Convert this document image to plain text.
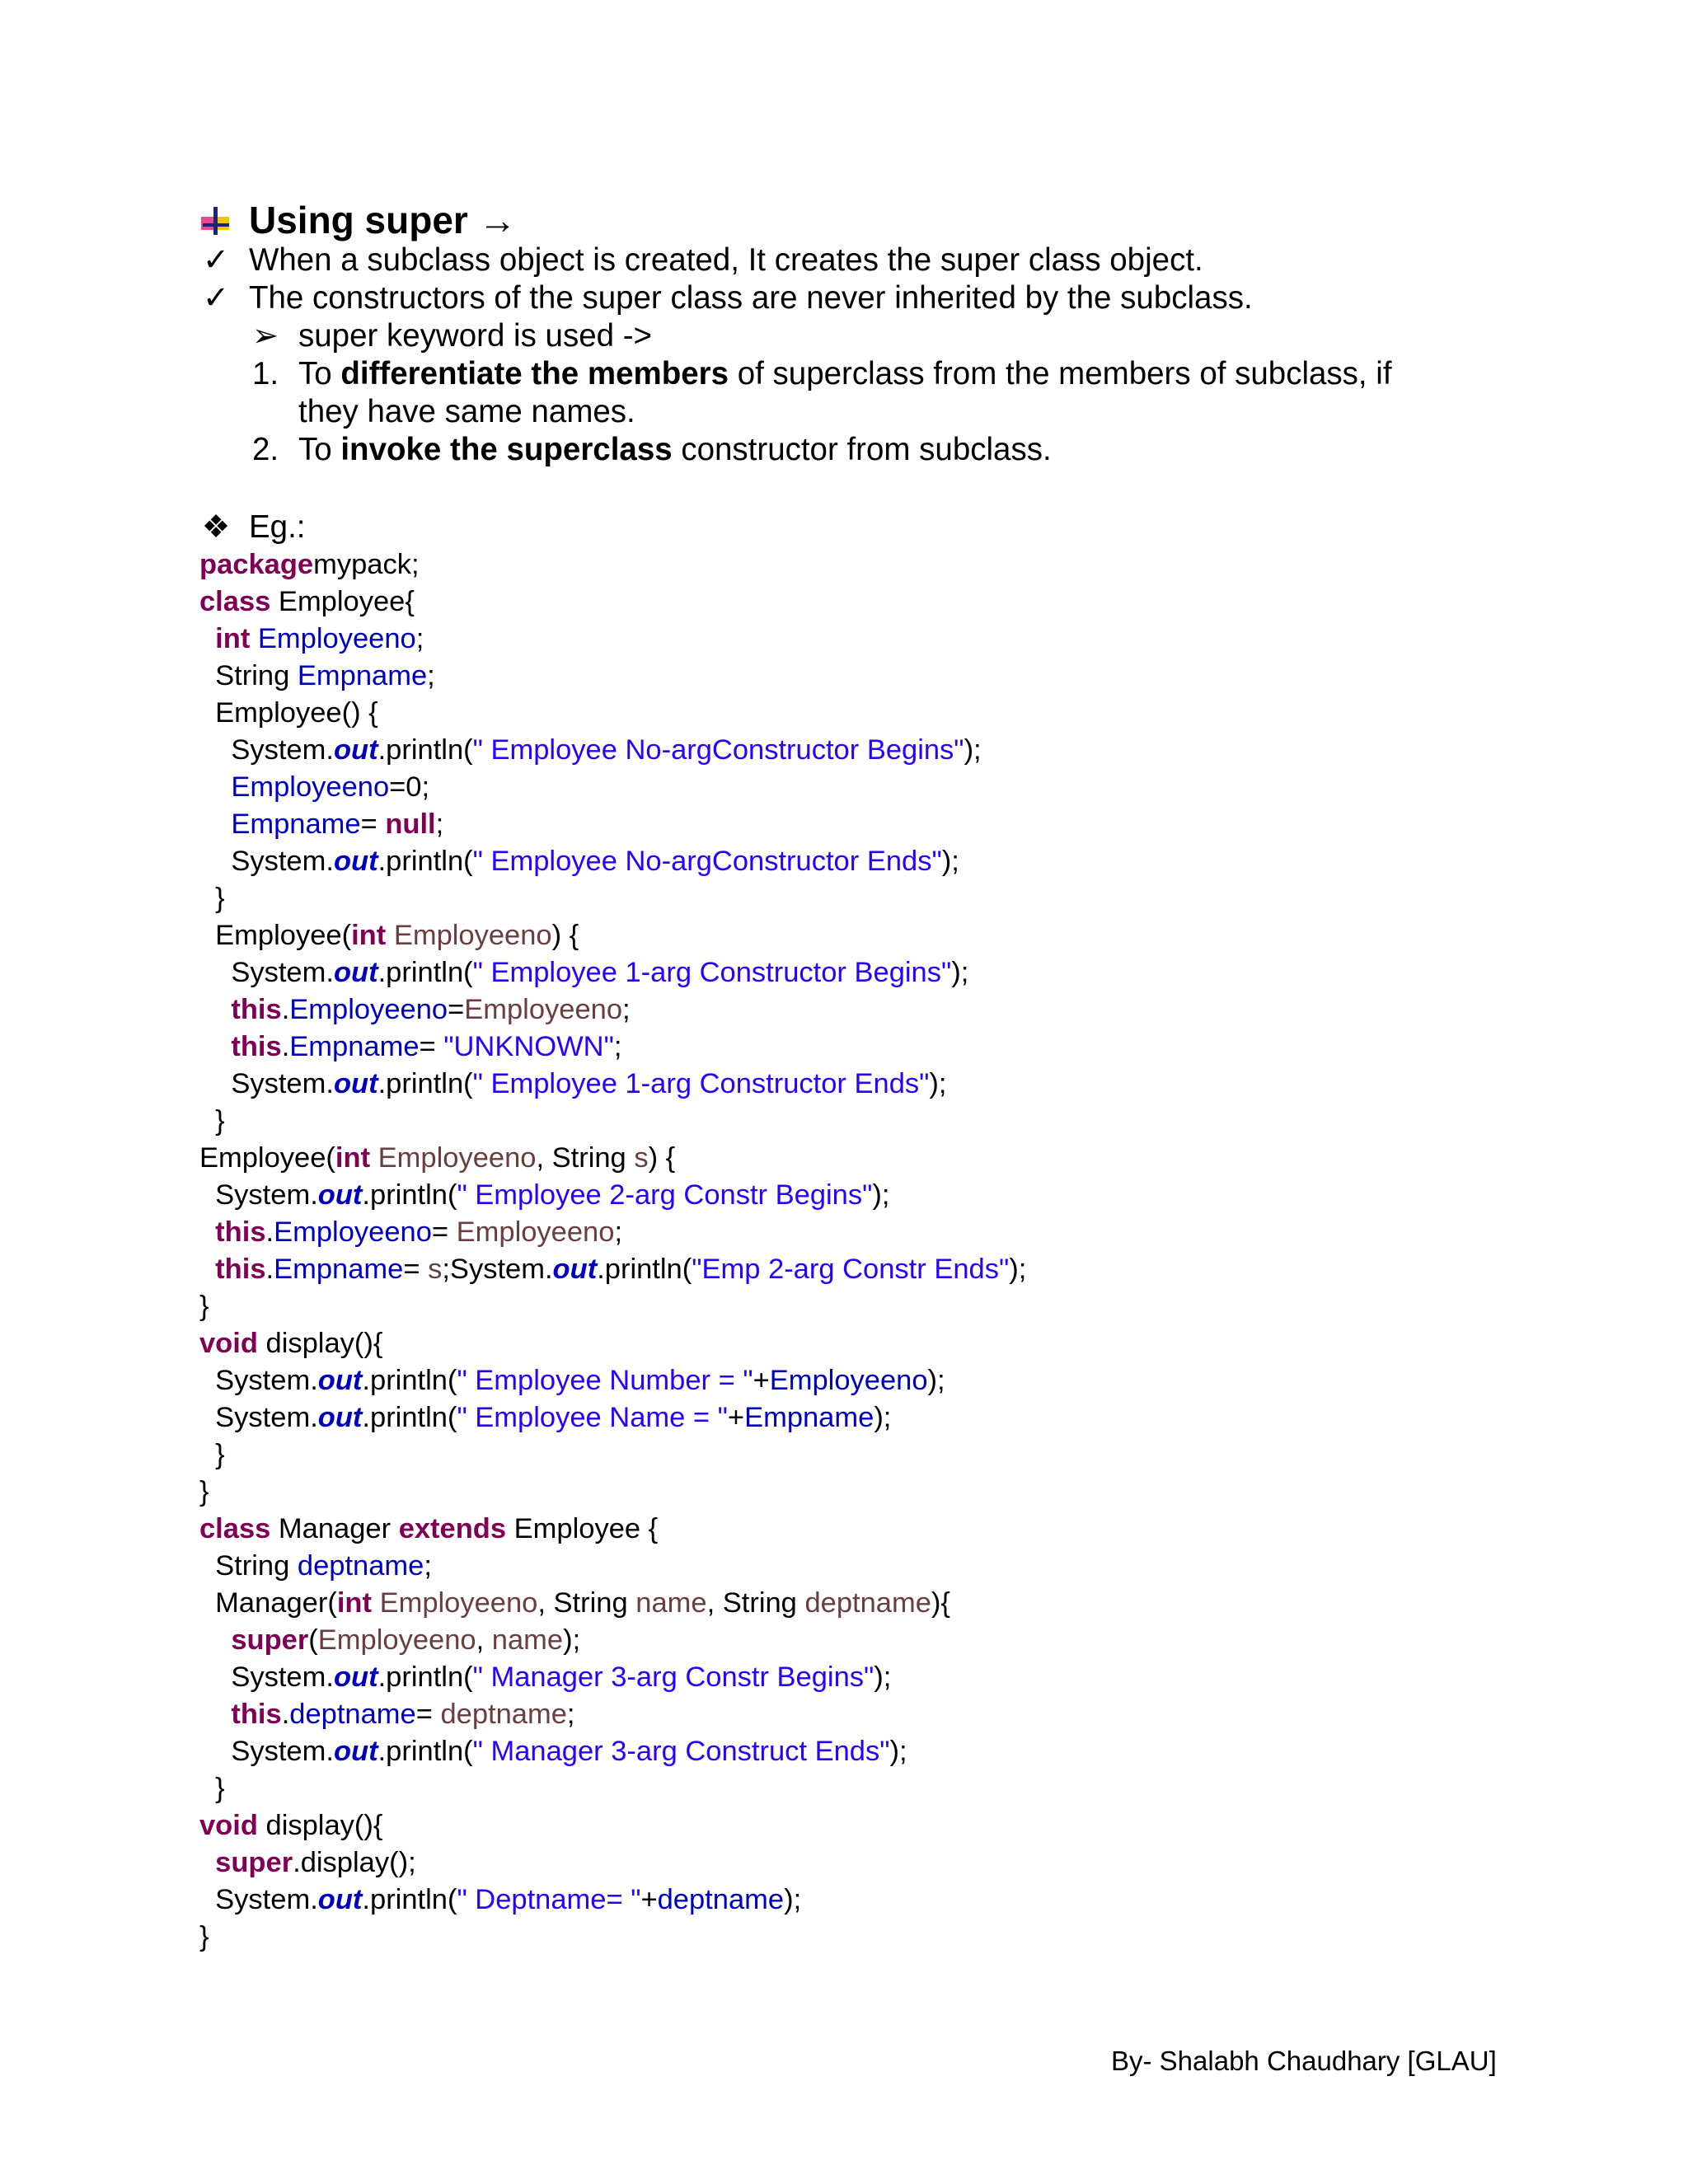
Using super →
✓ When a subclass object is created, It creates the super class object.
✓ The constructors of the super class are never inherited by the subclass.
➢ super keyword is used ->
1. To differentiate the members of superclass from the members of subclass, if
they have same names.
2. To invoke the superclass constructor from subclass.
❖ Eg.:
packagemypack;
class Employee{
int Employeeno;
String Empname;
Employee() {
System.out.println(" Employee No-argConstructor Begins");
Employeeno=0;
Empname= null;
System.out.println(" Employee No-argConstructor Ends");
}
Employee(int Employeeno) {
System.out.println(" Employee 1-arg Constructor Begins");
this.Employeeno=Employeeno;
this.Empname= "UNKNOWN";
System.out.println(" Employee 1-arg Constructor Ends");
}
Employee(int Employeeno, String s) {
System.out.println(" Employee 2-arg Constr Begins");
this.Employeeno= Employeeno;
this.Empname= s;System.out.println("Emp 2-arg Constr Ends");
}
void display(){
System.out.println(" Employee Number = "+Employeeno);
System.out.println(" Employee Name = "+Empname);
}
}
class Manager extends Employee {
String deptname;
Manager(int Employeeno, String name, String deptname){
super(Employeeno, name);
System.out.println(" Manager 3-arg Constr Begins");
this.deptname= deptname;
System.out.println(" Manager 3-arg Construct Ends");
}
void display(){
super.display();
System.out.println(" Deptname= "+deptname);
}
By- Shalabh Chaudhary [GLAU]
